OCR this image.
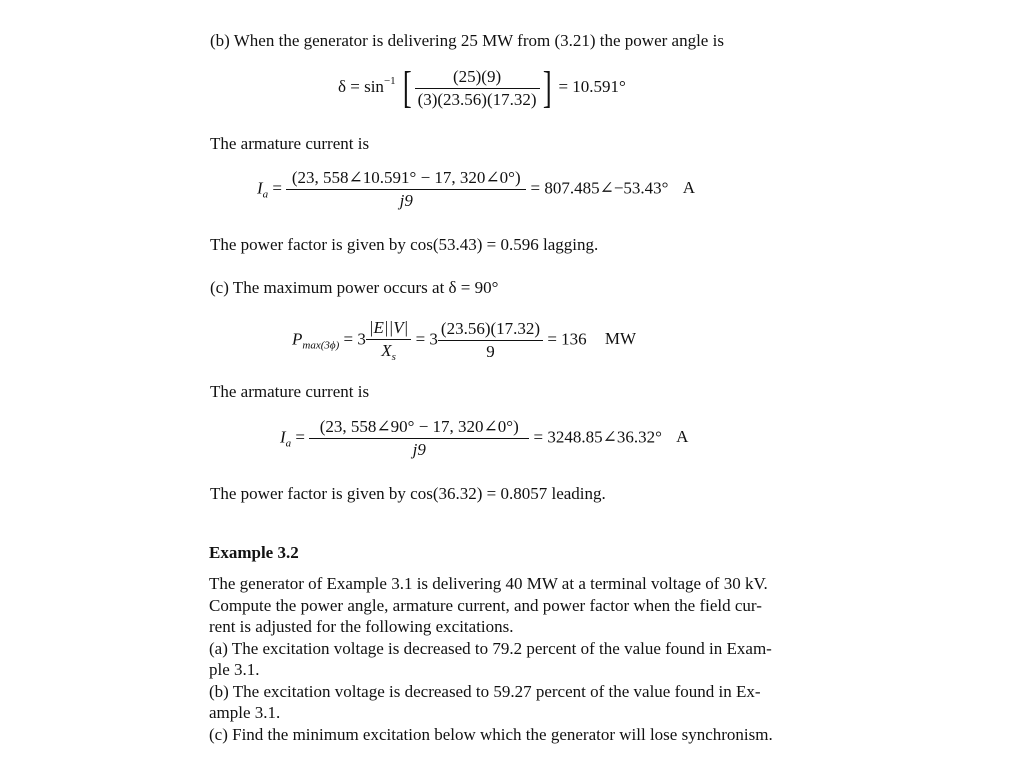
(b) When the generator is delivering 25 MW from (3.21) the power angle is
$\delta = \sin^{-1}$ [ $\frac{(25)(9)}{(3)(23.56)(17.32)}$ ] = 10.591°
The armature current is
$I_a = \frac{(23, 558\angle 10.591^\circ - 17, 320\angle 0^\circ)}{j9}$ = 807.485∠−53.43° A
The power factor is given by cos(53.43) = 0.596 lagging.
(c) The maximum power occurs at δ = 90°
$P_{max(3\phi)} = 3 \frac{|E||V|}{X_s} = 3 \frac{(23.56)(17.32)}{9} = 136$ MW
The armature current is
$I_a = \frac{(23, 558\angle 90^\circ - 17, 320\angle 0^\circ)}{j9}$ = 3248.85∠36.32° A
The power factor is given by cos(36.32) = 0.8057 leading.
Example 3.2
The generator of Example 3.1 is delivering 40 MW at a terminal voltage of 30 kV.
Compute the power angle, armature current, and power factor when the field cur-
rent is adjusted for the following excitations.
(a) The excitation voltage is decreased to 79.2 percent of the value found in Exam-
ple 3.1.
(b) The excitation voltage is decreased to 59.27 percent of the value found in Ex-
ample 3.1.
(c) Find the minimum excitation below which the generator will lose synchronism.
